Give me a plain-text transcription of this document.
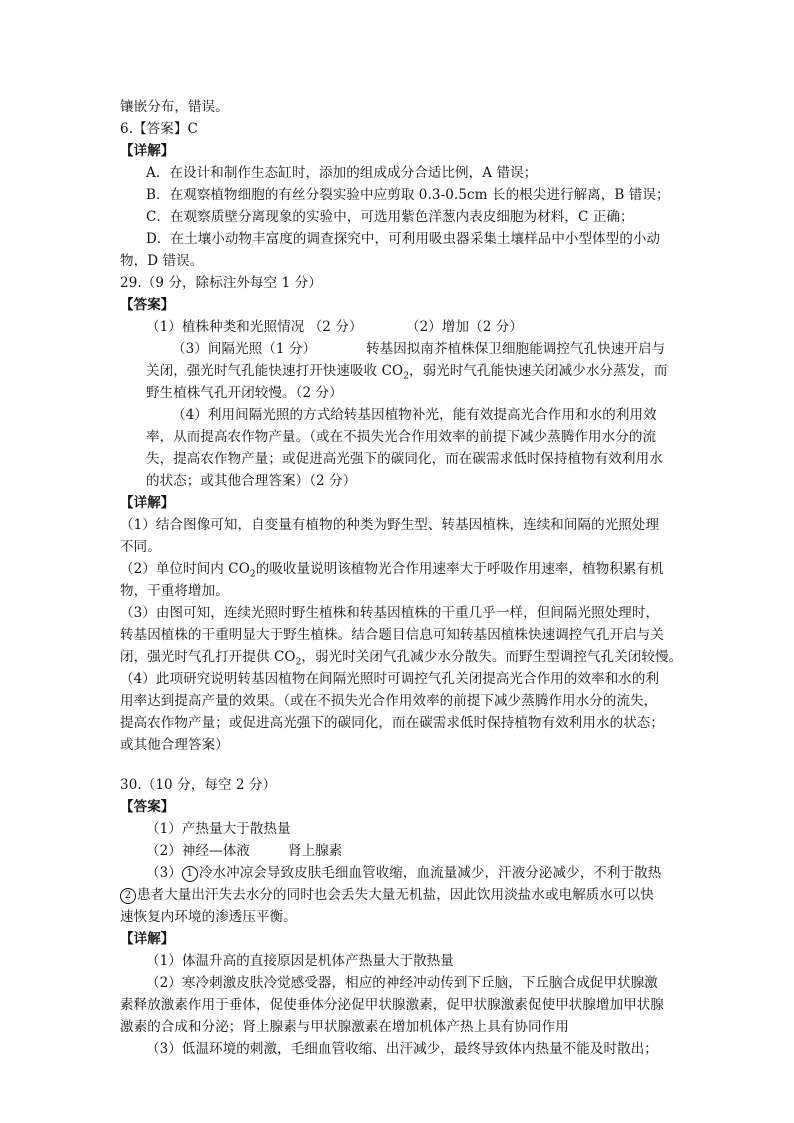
镶嵌分布，错误。
6.【答案】C
【详解】
A．在设计和制作生态缸时，添加的组成成分合适比例，A 错误；
B．在观察植物细胞的有丝分裂实验中应剪取 0.3-0.5cm 长的根尖进行解离，B 错误；
C．在观察质壁分离现象的实验中，可选用紫色洋葱内表皮细胞为材料，C 正确；
D．在土壤小动物丰富度的调查探究中，可利用吸虫器采集土壤样品中小型体型的小动
物，D 错误。
29.（9 分，除标注外每空 1 分）
【答案】
（1）植株种类和光照情况 （2 分）	（2）增加（2 分）
（3）间隔光照（1 分）	转基因拟南芥植株保卫细胞能调控气孔快速开启与
关闭，强光时气孔能快速打开快速吸收 $CO_2$，弱光时气孔能快速关闭减少水分蒸发，而
野生植株气孔开闭较慢。（2 分）
（4）利用间隔光照的方式给转基因植物补光，能有效提高光合作用和水的利用效
率，从而提高农作物产量。（或在不损失光合作用效率的前提下减少蒸腾作用水分的流
失，提高农作物产量；或促进高光强下的碳同化，而在碳需求低时保持植物有效利用水
的状态；或其他合理答案）（2 分）
【详解】
（1）结合图像可知，自变量有植物的种类为野生型、转基因植株，连续和间隔的光照处理
不同。
（2）单位时间内 $CO_2$的吸收量说明该植物光合作用速率大于呼吸作用速率，植物积累有机
物，干重将增加。
（3）由图可知，连续光照时野生植株和转基因植株的干重几乎一样，但间隔光照处理时，
转基因植株的干重明显大于野生植株。结合题目信息可知转基因植株快速调控气孔开启与关
闭，强光时气孔打开提供 $CO_2$，弱光时关闭气孔减少水分散失。而野生型调控气孔关闭较慢。
（4）此项研究说明转基因植物在间隔光照时可调控气孔关闭提高光合作用的效率和水的利
用率达到提高产量的效果。（或在不损失光合作用效率的前提下减少蒸腾作用水分的流失，
提高农作物产量；或促进高光强下的碳同化，而在碳需求低时保持植物有效利用水的状态；
或其他合理答案）
30.（10 分，每空 2 分）
【答案】
（1）产热量大于散热量
（2）神经—体液	肾上腺素
（3） 1 冷水冲凉会导致皮肤毛细血管收缩，血流量减少，汗液分泌减少，不利于散热
2 患者大量出汗失去水分的同时也会丢失大量无机盐，因此饮用淡盐水或电解质水可以快
速恢复内环境的渗透压平衡。
【详解】
（1）体温升高的直接原因是机体产热量大于散热量
（2）寒冷刺激皮肤冷觉感受器，相应的神经冲动传到下丘脑，下丘脑合成促甲状腺激
素释放激素作用于垂体，促使垂体分泌促甲状腺激素，促甲状腺激素促使甲状腺增加甲状腺
激素的合成和分泌；肾上腺素与甲状腺激素在增加机体产热上具有协同作用
（3）低温环境的刺激，毛细血管收缩、出汗减少，最终导致体内热量不能及时散出；
